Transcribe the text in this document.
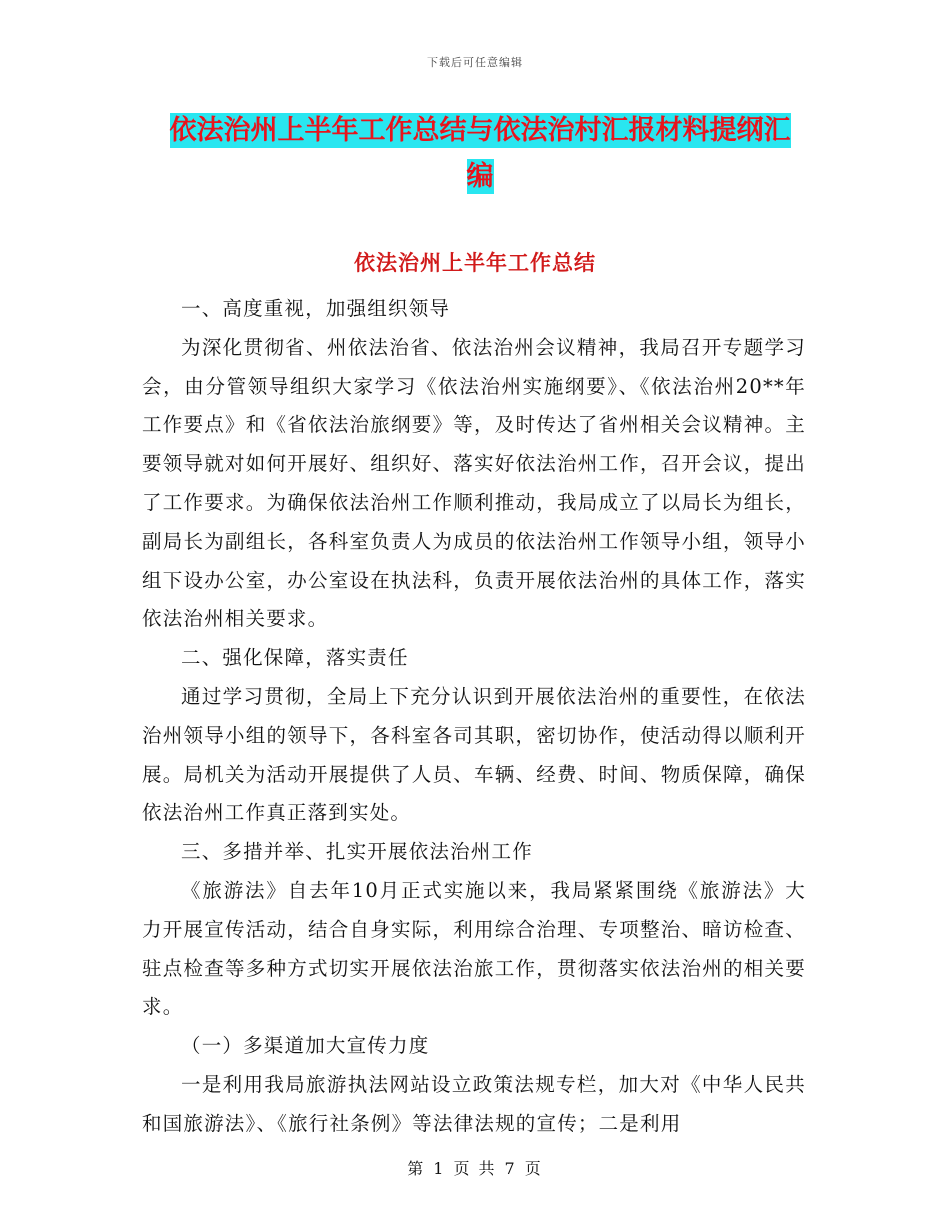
下载后可任意编辑
依法治州上半年工作总结与依法治村汇报材料提纲汇
编
依法治州上半年工作总结

一、高度重视，加强组织领导

为深化贯彻省、州依法治省、依法治州会议精神，我局召开专题学习会，由分管领导组织大家学习《依法治州实施纲要》、《依法治州20**年工作要点》和《省依法治旅纲要》等，及时传达了省州相关会议精神。主要领导就对如何开展好、组织好、落实好依法治州工作，召开会议，提出了工作要求。为确保依法治州工作顺利推动，我局成立了以局长为组长，副局长为副组长，各科室负责人为成员的依法治州工作领导小组，领导小组下设办公室，办公室设在执法科，负责开展依法治州的具体工作，落实依法治州相关要求。

二、强化保障，落实责任

通过学习贯彻，全局上下充分认识到开展依法治州的重要性，在依法治州领导小组的领导下，各科室各司其职，密切协作，使活动得以顺利开展。局机关为活动开展提供了人员、车辆、经费、时间、物质保障，确保依法治州工作真正落到实处。

三、多措并举、扎实开展依法治州工作

《旅游法》自去年10月正式实施以来，我局紧紧围绕《旅游法》大力开展宣传活动，结合自身实际，利用综合治理、专项整治、暗访检查、驻点检查等多种方式切实开展依法治旅工作，贯彻落实依法治州的相关要求。

（一）多渠道加大宣传力度

一是利用我局旅游执法网站设立政策法规专栏，加大对《中华人民共和国旅游法》、《旅行社条例》等法律法规的宣传；二是利用

第 1 页 共 7 页
